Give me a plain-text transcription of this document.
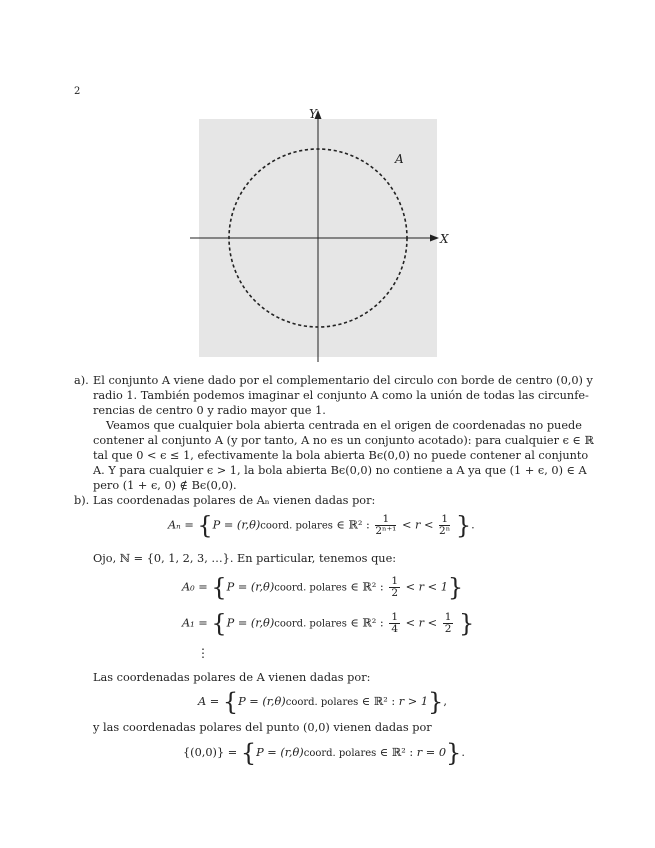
2
X
Y
A
a). El conjunto A viene dado por el complementario del circulo con borde de centro (0,0) y
radio 1. También podemos imaginar el conjunto A como la unión de todas las circunfe-
rencias de centro 0 y radio mayor que 1.
Veamos que cualquier bola abierta centrada en el origen de coordenadas no puede
contener al conjunto A (y por tanto, A no es un conjunto acotado): para cualquier ϵ ∈ ℝ
tal que 0 < ϵ ≤ 1, efectivamente la bola abierta Bϵ(0,0) no puede contener al conjunto
A. Y para cualquier ϵ > 1, la bola abierta Bϵ(0,0) no contiene a A ya que (1 + ϵ, 0) ∈ A
pero (1 + ϵ, 0) ∉ Bϵ(0,0).
b). Las coordenadas polares de Aₙ vienen dadas por:
Aₙ = {P = (r,θ)coord. polares ∈ ℝ² : $\frac{1}{\text{2ⁿ⁺¹}} < r < \frac{1}{\text{2ⁿ}}$ }.
Ojo, ℕ = {0, 1, 2, 3, …}. En particular, tenemos que:
A₀ = {P = (r,θ)coord. polares ∈ ℝ² : $\frac{1}{2} < r < 1$}
A₁ = {P = (r,θ)coord. polares ∈ ℝ² : $\frac{1}{4} < r < \frac{1}{2}$ }
⋮
Las coordenadas polares de A vienen dadas por:
A = {P = (r,θ)coord. polares ∈ ℝ² : r > 1},
y las coordenadas polares del punto (0,0) vienen dadas por
{(0,0)} = {P = (r,θ)coord. polares ∈ ℝ² : r = 0}.
